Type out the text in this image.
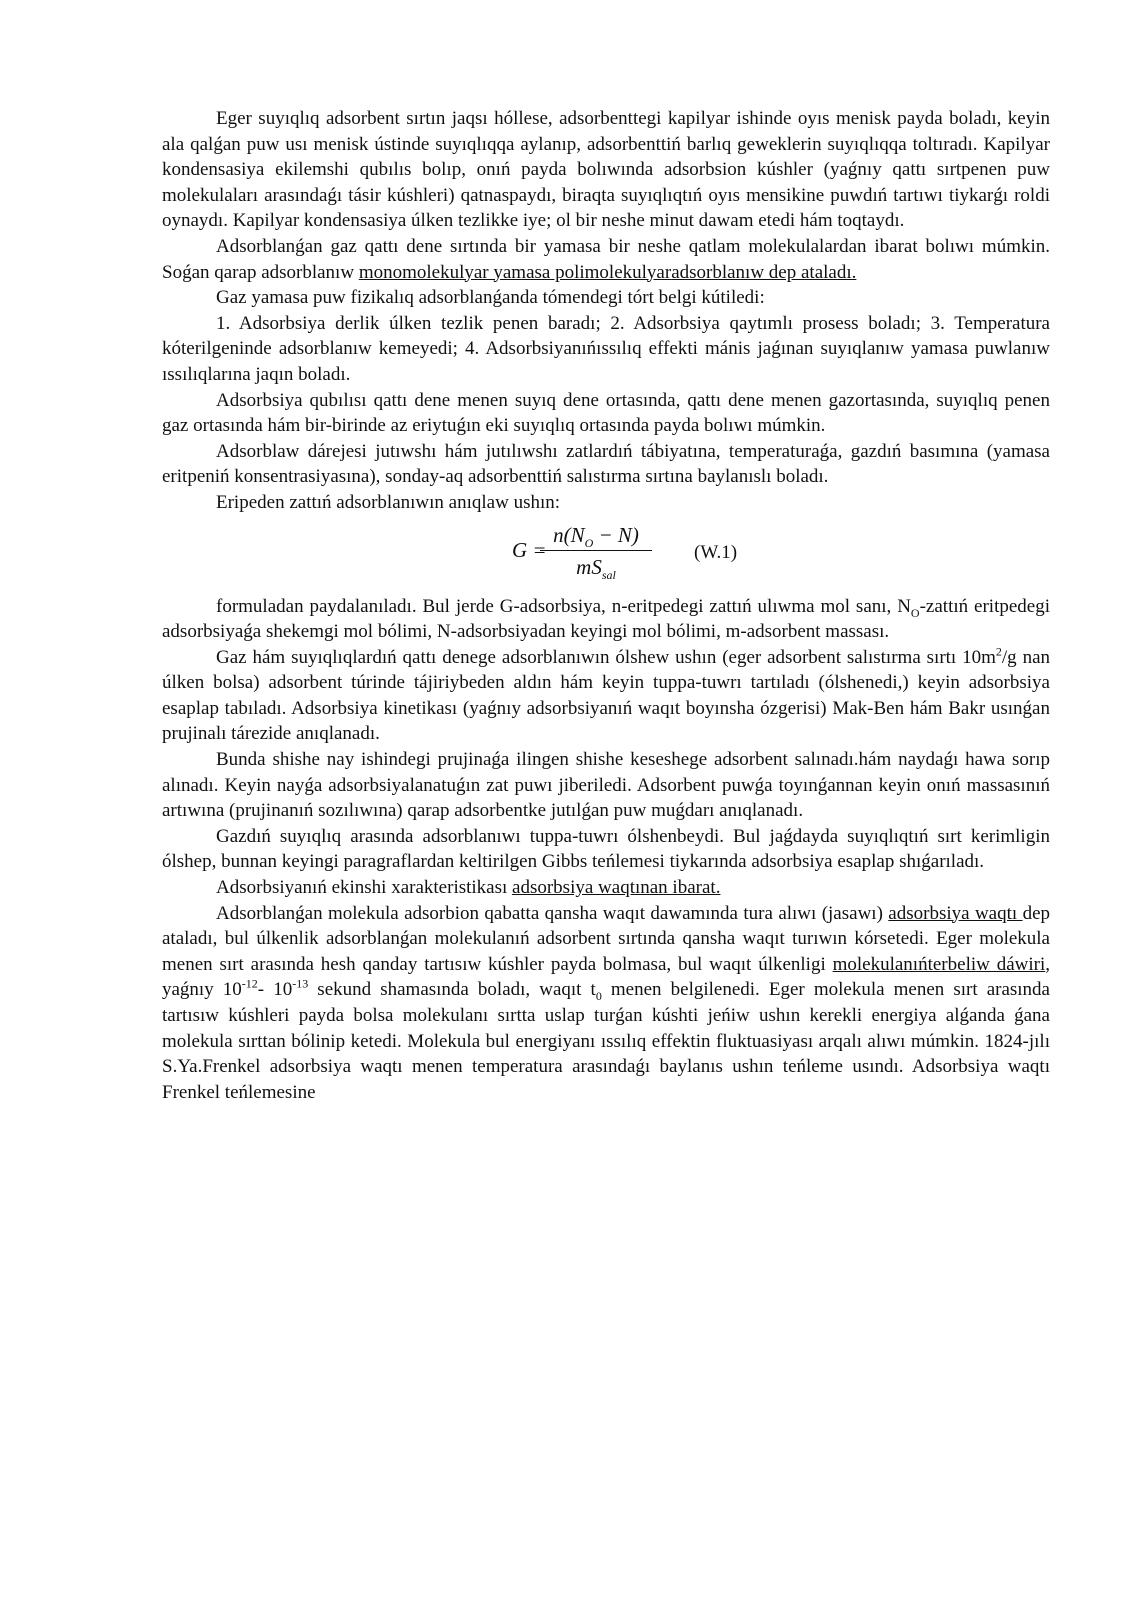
Eger suyıqlıq adsorbent sırtın jaqsı hóllese, adsorbenttegi kapilyar ishinde oyıs menisk payda boladı, keyin ala qalǵan puw usı menisk ústinde suyıqlıqqa aylanıp, adsorbenttiń barlıq geweklerin suyıqlıqqa toltıradı. Kapilyar kondensasiya ekilemshi qubılıs bolıp, onıń payda bolıwında adsorbsion kúshler (yaǵnıy qattı sırtpenen puw molekulaları arasındaǵı tásir kúshleri) qatnaspaydı, biraqta suyıqlıqtıń oyıs mensikine puwdıń tartıwı tiykarǵı roldi oynaydı. Kapilyar kondensasiya úlken tezlikke iye; ol bir neshe minut dawam etedi hám toqtaydı.

Adsorblanǵan gaz qattı dene sırtında bir yamasa bir neshe qatlam molekulalardan ibarat bolıwı múmkin. Soǵan qarap adsorblanıw monomolekulyar yamasa polimolekulyaradsorblanıw dep ataladı.

Gaz yamasa puw fizikalıq adsorblanǵanda tómendegi tórt belgi kútiledi:

1. Adsorbsiya derlik úlken tezlik penen baradı; 2. Adsorbsiya qaytımlı prosess boladı; 3. Temperatura kóterilgeninde adsorblanıw kemeyedi; 4. Adsorbsiyanıńıssılıq effekti mánis jaǵınan suyıqlanıw yamasa puwlanıw ıssılıqlarına jaqın boladı.

Adsorbsiya qubılısı qattı dene menen suyıq dene ortasında, qattı dene menen gazortasında, suyıqlıq penen gaz ortasında hám bir-birinde az eriytuǵın eki suyıqlıq ortasında payda bolıwı múmkin.

Adsorblaw dárejesi jutıwshı hám jutılıwshı zatlardıń tábiyatına, temperaturaǵa, gazdıń basımına (yamasa eritpeniń konsentrasiyasına), sonday-aq adsorbenttiń salıstırma sırtına baylanıslı boladı.

Eripeden zattıń adsorblanıwın anıqlaw ushın:

G =
$n(N_O - N)$
$mS_{sal}$
(W.1)

formuladan paydalanıladı. Bul jerde G-adsorbsiya, n-eritpedegi zattıń ulıwma mol sanı, $N_O$-zattıń eritpedegi adsorbsiyaǵa shekemgi mol bólimi, N-adsorbsiyadan keyingi mol bólimi, m-adsorbent massası.

Gaz hám suyıqlıqlardıń qattı denege adsorblanıwın ólshew ushın (eger adsorbent salıstırma sırtı $10m^2/g$ nan úlken bolsa) adsorbent túrinde tájiriybeden aldın hám keyin tuppa-tuwrı tartıladı (ólshenedi,) keyin adsorbsiya esaplap tabıladı. Adsorbsiya kinetikası (yaǵnıy adsorbsiyanıń waqıt boyınsha ózgerisi) Mak-Ben hám Bakr usınǵan prujinalı tárezide anıqlanadı.

Bunda shishe nay ishindegi prujinaǵa ilingen shishe keseshege adsorbent salınadı.hám naydaǵı hawa sorıp alınadı. Keyin nayǵa adsorbsiyalanatuǵın zat puwı jiberiledi. Adsorbent puwǵa toyınǵannan keyin onıń massasınıń artıwına (prujinanıń sozılıwına) qarap adsorbentke jutılǵan puw muǵdarı anıqlanadı.

Gazdıń suyıqlıq arasında adsorblanıwı tuppa-tuwrı ólshenbeydi. Bul jaǵdayda suyıqlıqtıń sırt kerimligin ólshep, bunnan keyingi paragraflardan keltirilgen Gibbs teńlemesi tiykarında adsorbsiya esaplap shıǵarıladı.

Adsorbsiyanıń ekinshi xarakteristikası adsorbsiya waqtınan ibarat.

Adsorblanǵan molekula adsorbion qabatta qansha waqıt dawamında tura alıwı (jasawı) adsorbsiya waqtı dep ataladı, bul úlkenlik adsorblanǵan molekulanıń adsorbent sırtında qansha waqıt turıwın kórsetedi. Eger molekula menen sırt arasında hesh qanday tartısıw kúshler payda bolmasa, bul waqıt úlkenligi molekulanıńterbeliw dáwiri, yaǵnıy $10^{-12}-$ $10^{-13}$ sekund shamasında boladı, waqıt $t_0$ menen belgilenedi. Eger molekula menen sırt arasında tartısıw kúshleri payda bolsa molekulanı sırtta uslap turǵan kúshti jeńiw ushın kerekli energiya alǵanda ǵana molekula sırttan bólinip ketedi. Molekula bul energiyanı ıssılıq effektin fluktuasiyası arqalı alıwı múmkin. 1824-jılı S.Ya.Frenkel adsorbsiya waqtı menen temperatura arasındaǵı baylanıs ushın teńleme usındı. Adsorbsiya waqtı Frenkel teńlemesine
